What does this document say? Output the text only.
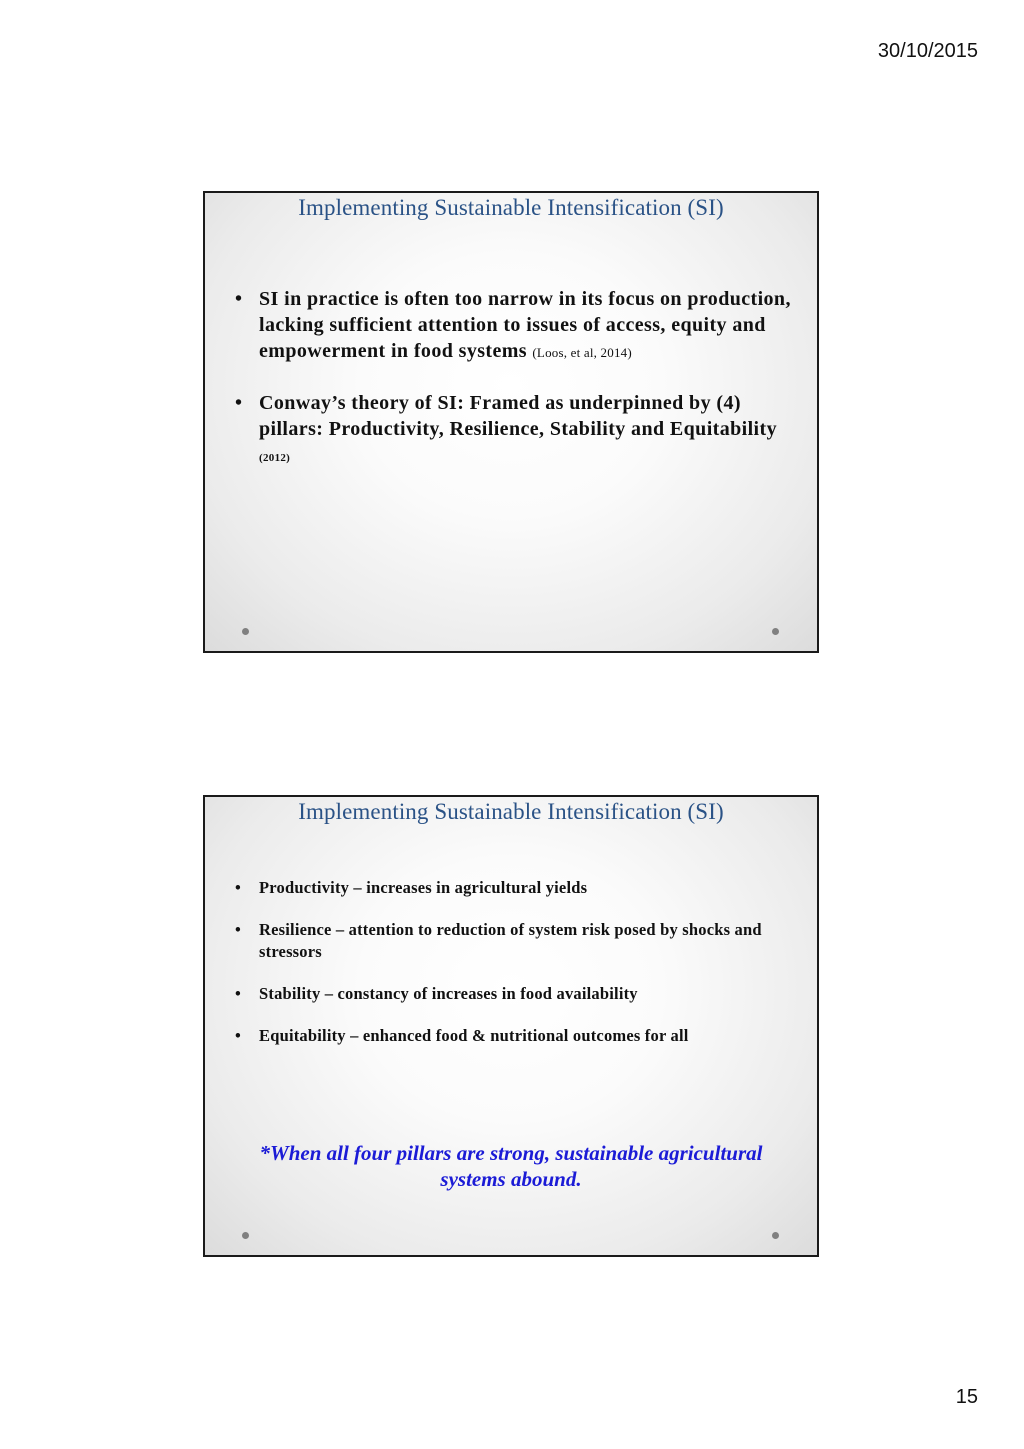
30/10/2015
Implementing Sustainable Intensification (SI)
• SI in practice is often too narrow in its focus on production, lacking sufficient attention to issues of access, equity and empowerment in food systems (Loos, et al, 2014)
• Conway’s theory of SI: Framed as underpinned by (4) pillars: Productivity, Resilience, Stability and Equitability (2012)
Implementing Sustainable Intensification (SI)
• Productivity – increases in agricultural yields
• Resilience – attention to reduction of system risk posed by shocks and stressors
• Stability – constancy of increases in food availability
• Equitability – enhanced food & nutritional outcomes for all
*When all four pillars are strong, sustainable agricultural systems abound.
15
